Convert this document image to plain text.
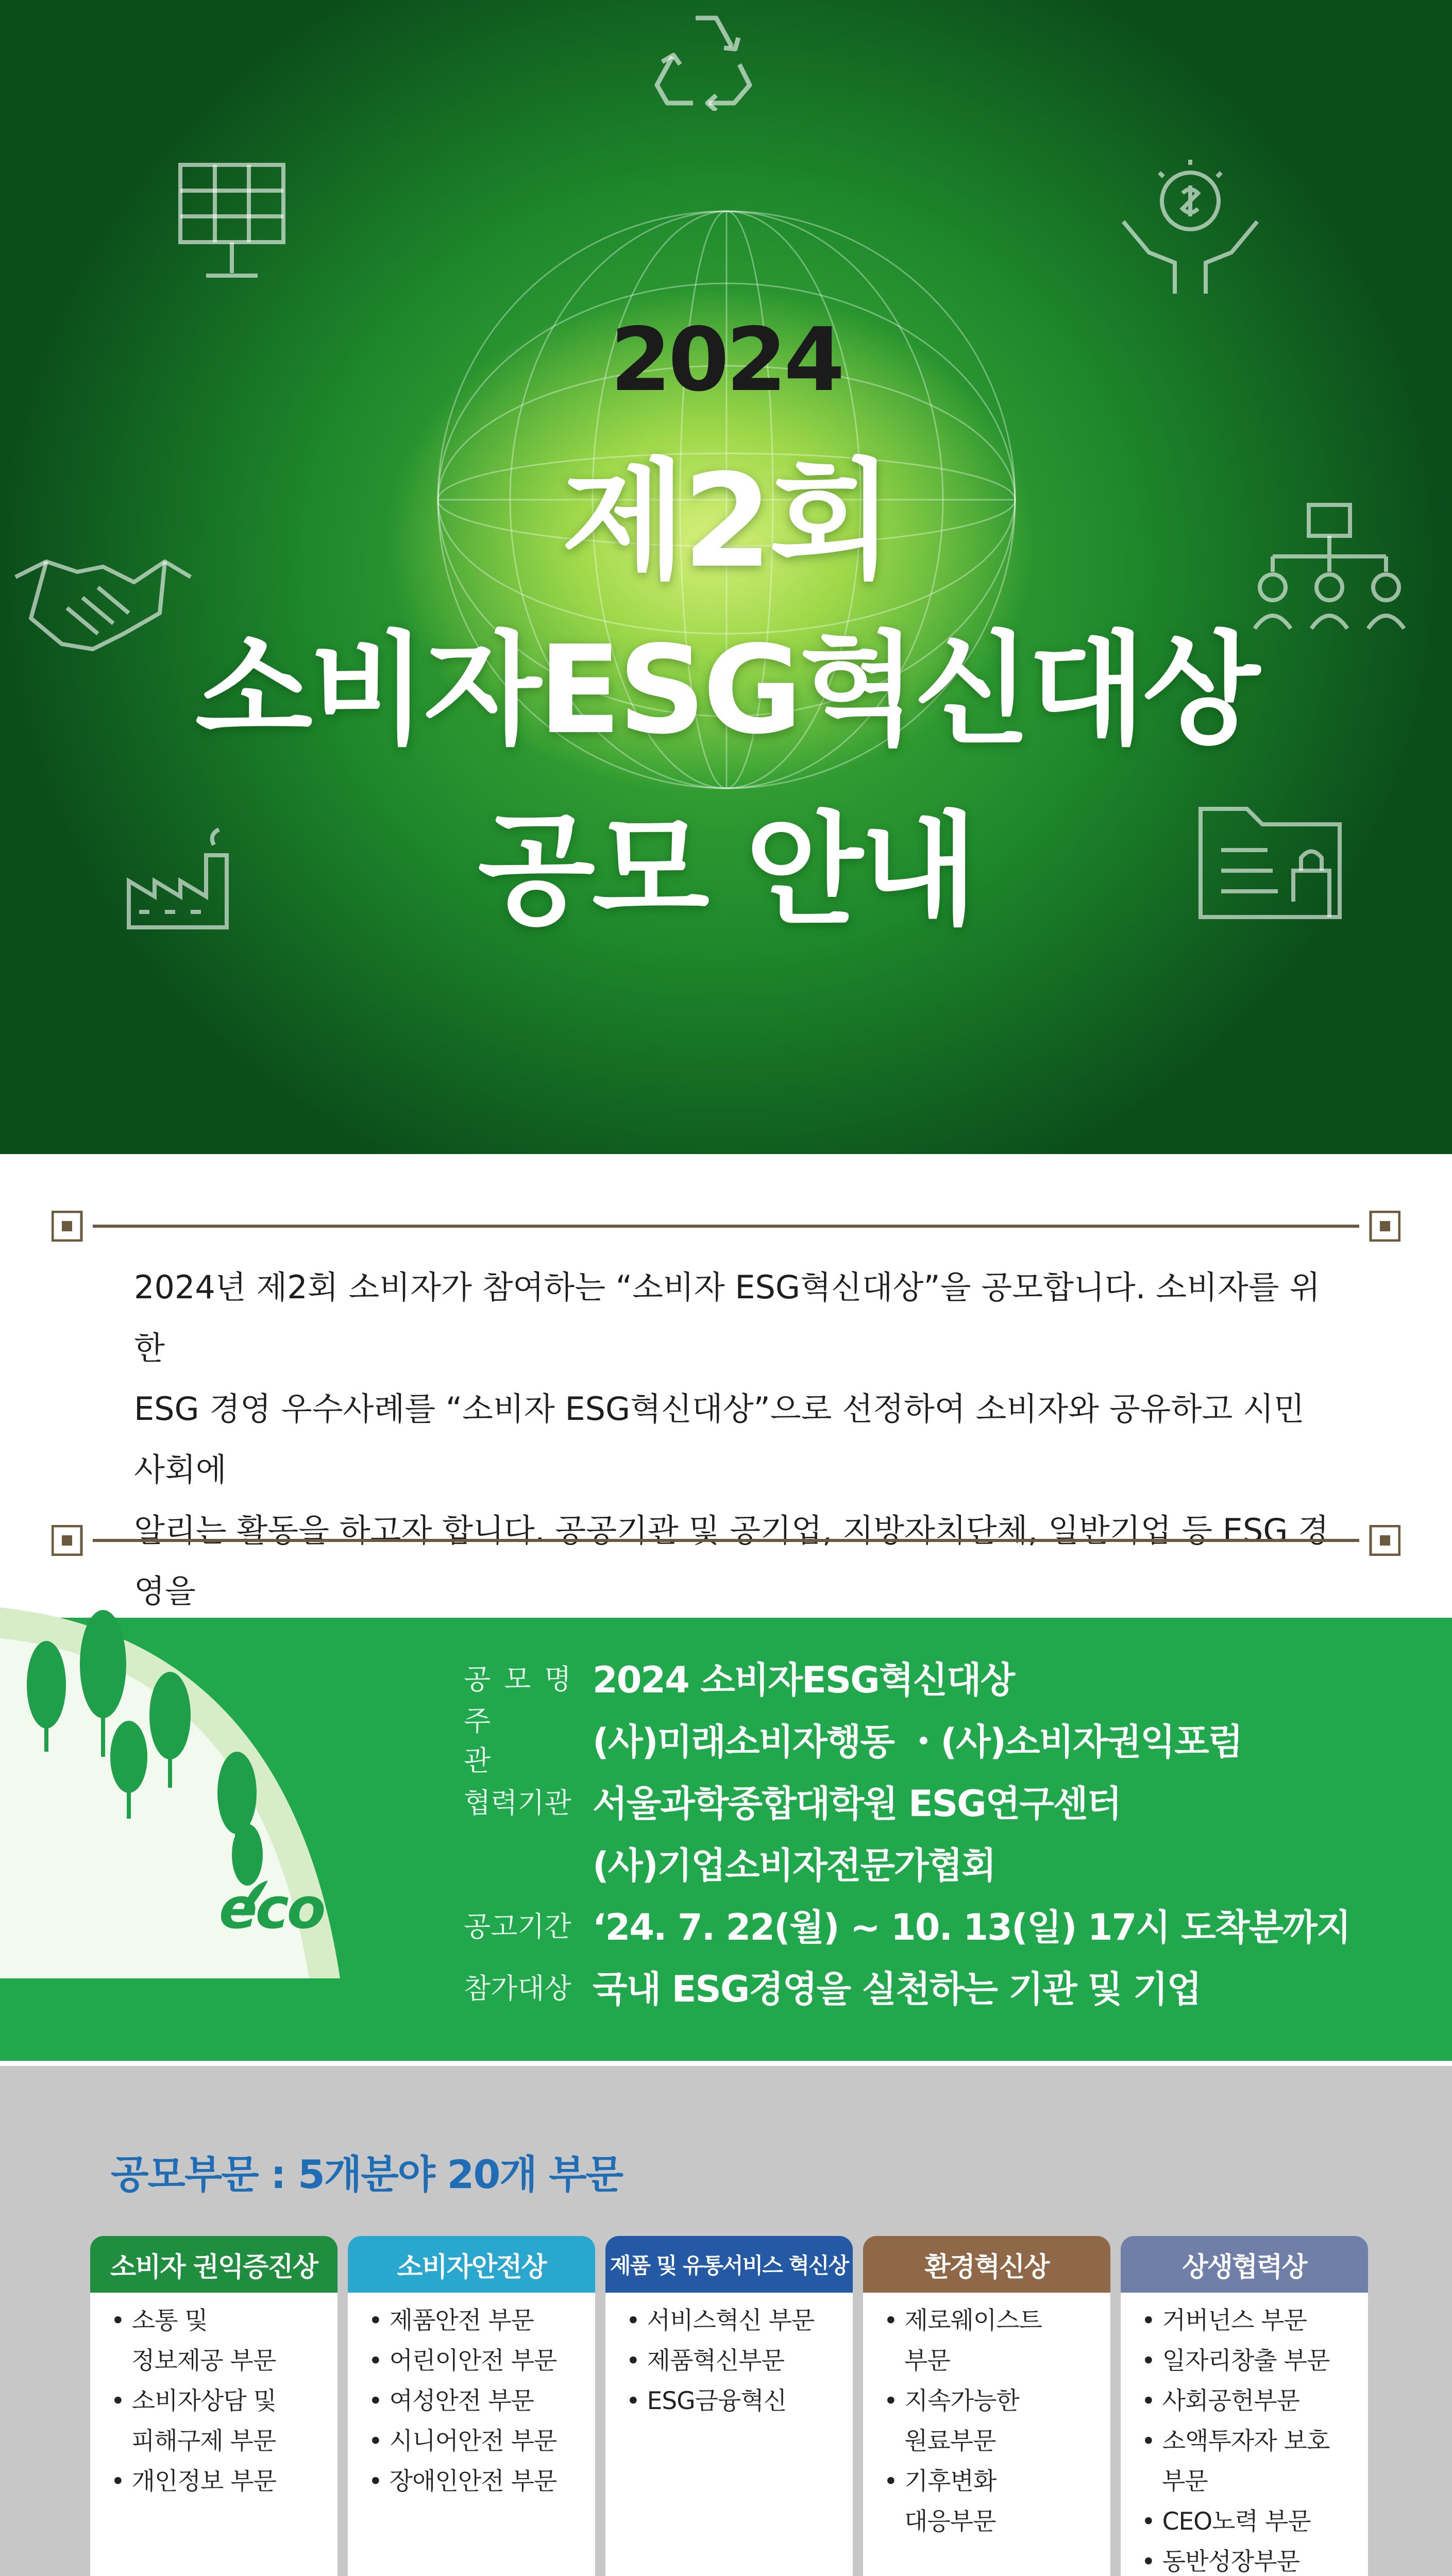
2024
제2회
소비자ESG혁신대상
공모 안내
2024년 제2회 소비자가 참여하는 “소비자 ESG혁신대상”을 공모합니다. 소비자를 위한
ESG 경영 우수사례를 “소비자 ESG혁신대상”으로 선정하여 소비자와 공유하고 시민사회에
알리는 활동을 하고자 합니다. 공공기관 및 공기업, 지방자치단체, 일반기업 등 ESG 경영을
eco
공모명 2024 소비자ESG혁신대상
주관	(사)미래소비자행동 ・(사)소비자권익포럼
협력기관 서울과학종합대학원 ESG연구센터
(사)기업소비자전문가협회
공고기간 ‘24. 7. 22(월) ~ 10. 13(일) 17시 도착분까지
참가대상 국내 ESG경영을 실천하는 기관 및 기업
공모부문 : 5개분야 20개 부문
소비자 권익증진상
• 소통 및
정보제공 부문
• 소비자상담 및
피해구제 부문
• 개인정보 부문
소비자안전상
• 제품안전 부문
• 어린이안전 부문
• 여성안전 부문
• 시니어안전 부문
• 장애인안전 부문
제품 및 유통서비스 혁신상
• 서비스혁신 부문
• 제품혁신부문
• ESG금융혁신
환경혁신상
• 제로웨이스트
부문
• 지속가능한
원료부문
• 기후변화
대응부문
상생협력상
• 거버넌스 부문
• 일자리창출 부문
• 사회공헌부문
• 소액투자자 보호
부문
• CEO노력 부문
• 동반성장부문
